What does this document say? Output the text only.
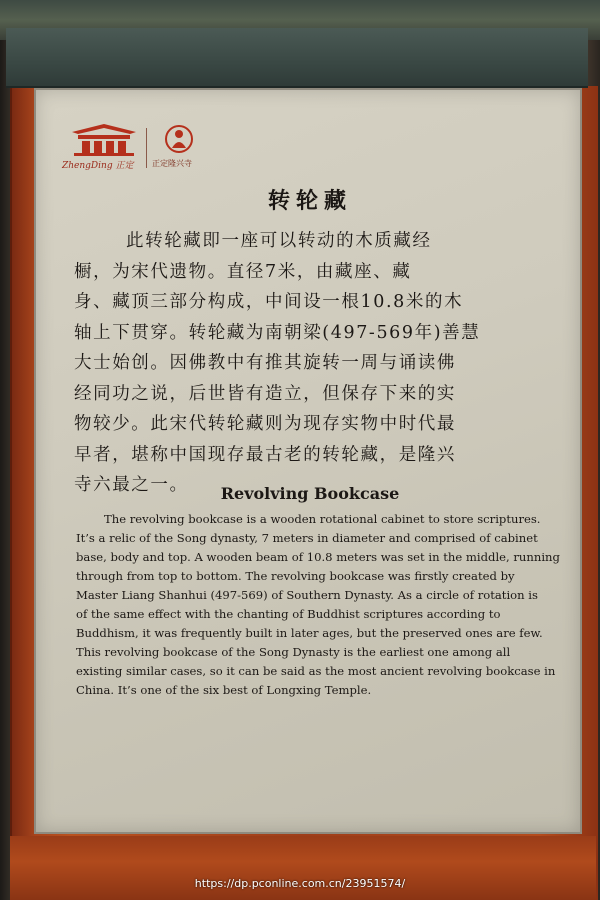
ZhengDing 正定 正定隆兴寺
转轮藏
此转轮藏即一座可以转动的木质藏经
橱，为宋代遗物。直径7米，由藏座、藏
身、藏顶三部分构成，中间设一根10.8米的木
轴上下贯穿。转轮藏为南朝梁(497-569年)善慧
大士始创。因佛教中有推其旋转一周与诵读佛
经同功之说，后世皆有造立，但保存下来的实
物较少。此宋代转轮藏则为现存实物中时代最
早者，堪称中国现存最古老的转轮藏，是隆兴
寺六最之一。	Revolving Bookcase
The revolving bookcase is a wooden rotational cabinet to store scriptures.
It’s a relic of the Song dynasty, 7 meters in diameter and comprised of cabinet
base, body and top. A wooden beam of 10.8 meters was set in the middle, running
through from top to bottom. The revolving bookcase was firstly created by
Master Liang Shanhui (497-569) of Southern Dynasty. As a circle of rotation is
of the same effect with the chanting of Buddhist scriptures according to
Buddhism, it was frequently built in later ages, but the preserved ones are few.
This revolving bookcase of the Song Dynasty is the earliest one among all
existing similar cases, so it can be said as the most ancient revolving bookcase in
China. It’s one of the six best of Longxing Temple.
https://dp.pconline.com.cn/23951574/
